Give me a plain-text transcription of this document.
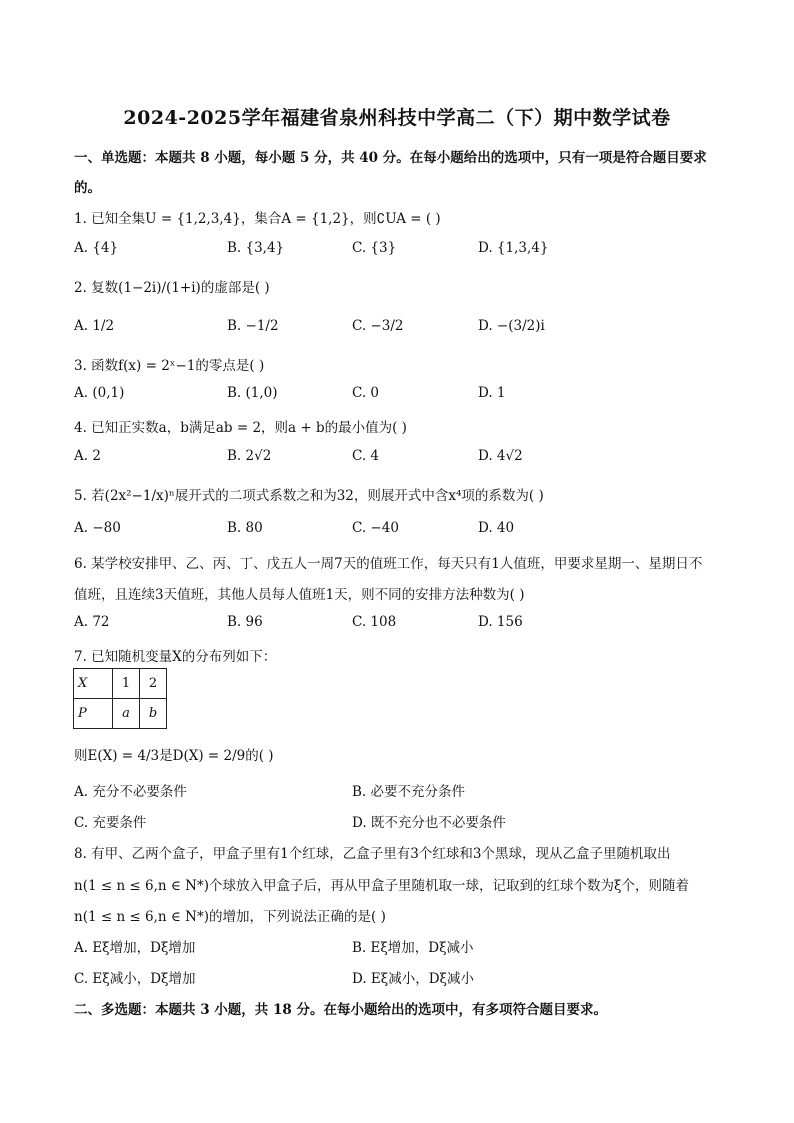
2024-2025学年福建省泉州科技中学高二（下）期中数学试卷
一、单选题：本题共 8 小题，每小题 5 分，共 40 分。在每小题给出的选项中，只有一项是符合题目要求
的。
1. 已知全集U = {1,2,3,4}，集合A = {1,2}，则∁UA = ( )
A. {4}	B. {3,4}	C. {3}	D. {1,3,4}
2. 复数(1−2i)/(1+i)的虚部是( )
A. 1/2	B. −1/2	C. −3/2	D. −(3/2)i
3. 函数f(x) = 2ˣ−1的零点是( )
A. (0,1)	B. (1,0)	C. 0	D. 1
4. 已知正实数a，b满足ab = 2，则a + b的最小值为( )
A. 2	B. 2√2	C. 4	D. 4√2
5. 若(2x²−1/x)ⁿ展开式的二项式系数之和为32，则展开式中含x⁴项的系数为( )
A. −80	B. 80	C. −40	D. 40
6. 某学校安排甲、乙、丙、丁、戊五人一周7天的值班工作，每天只有1人值班，甲要求星期一、星期日不
值班，且连续3天值班，其他人员每人值班1天，则不同的安排方法种数为( )
A. 72	B. 96	C. 108	D. 156
7. 已知随机变量X的分布列如下：
X	1	2
P	a	b
则E(X) = 4/3是D(X) = 2/9的( )
A. 充分不必要条件	B. 必要不充分条件
C. 充要条件	D. 既不充分也不必要条件
8. 有甲、乙两个盒子，甲盒子里有1个红球，乙盒子里有3个红球和3个黑球，现从乙盒子里随机取出
n(1 ≤ n ≤ 6,n ∈ N*)个球放入甲盒子后，再从甲盒子里随机取一球，记取到的红球个数为ξ个，则随着
n(1 ≤ n ≤ 6,n ∈ N*)的增加，下列说法正确的是( )
A. Eξ增加，Dξ增加	B. Eξ增加，Dξ减小
C. Eξ减小，Dξ增加	D. Eξ减小，Dξ减小
二、多选题：本题共 3 小题，共 18 分。在每小题给出的选项中，有多项符合题目要求。
